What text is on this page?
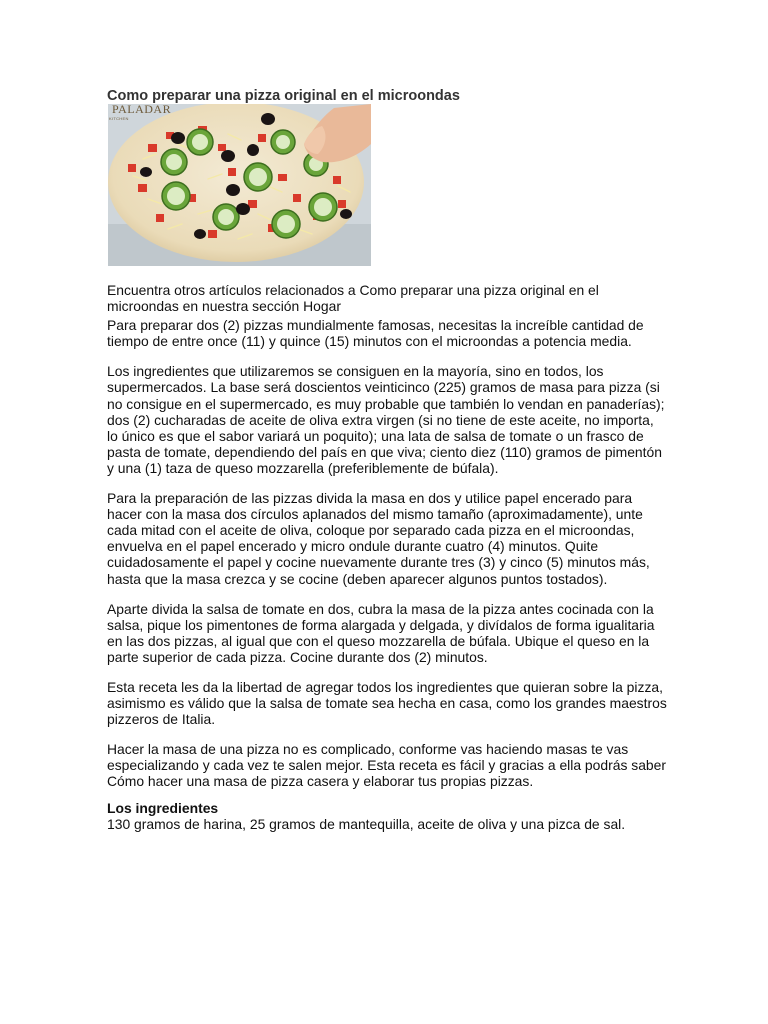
Como preparar una pizza original en el microondas
PALADAR
KITCHEN

Encuentra otros artículos relacionados a Como preparar una pizza original en el microondas en nuestra sección Hogar

Para preparar dos (2) pizzas mundialmente famosas, necesitas la increíble cantidad de tiempo de entre once (11) y quince (15) minutos con el microondas a potencia media.

Los ingredientes que utilizaremos se consiguen en la mayoría, sino en todos, los supermercados. La base será doscientos veinticinco (225) gramos de masa para pizza (si no consigue en el supermercado, es muy probable que también lo vendan en panaderías); dos (2) cucharadas de aceite de oliva extra virgen (si no tiene de este aceite, no importa, lo único es que el sabor variará un poquito); una lata de salsa de tomate o un frasco de pasta de tomate, dependiendo del país en que viva; ciento diez (110) gramos de pimentón y una (1) taza de queso mozzarella (preferiblemente de búfala).

Para la preparación de las pizzas divida la masa en dos y utilice papel encerado para hacer con la masa dos círculos aplanados del mismo tamaño (aproximadamente), unte cada mitad con el aceite de oliva, coloque por separado cada pizza en el microondas, envuelva en el papel encerado y micro ondule durante cuatro (4) minutos. Quite cuidadosamente el papel y cocine nuevamente durante tres (3) y cinco (5) minutos más, hasta que la masa crezca y se cocine (deben aparecer algunos puntos tostados).

Aparte divida la salsa de tomate en dos, cubra la masa de la pizza antes cocinada con la salsa, pique los pimentones de forma alargada y delgada, y divídalos de forma igualitaria en las dos pizzas, al igual que con el queso mozzarella de búfala. Ubique el queso en la parte superior de cada pizza. Cocine durante dos (2) minutos.

Esta receta les da la libertad de agregar todos los ingredientes que quieran sobre la pizza, asimismo es válido que la salsa de tomate sea hecha en casa, como los grandes maestros pizzeros de Italia.

Hacer la masa de una pizza no es complicado, conforme vas haciendo masas te vas especializando y cada vez te salen mejor. Esta receta es fácil y gracias a ella podrás saber Cómo hacer una masa de pizza casera y elaborar tus propias pizzas.

Los ingredientes

130 gramos de harina, 25 gramos de mantequilla, aceite de oliva y una pizca de sal.
